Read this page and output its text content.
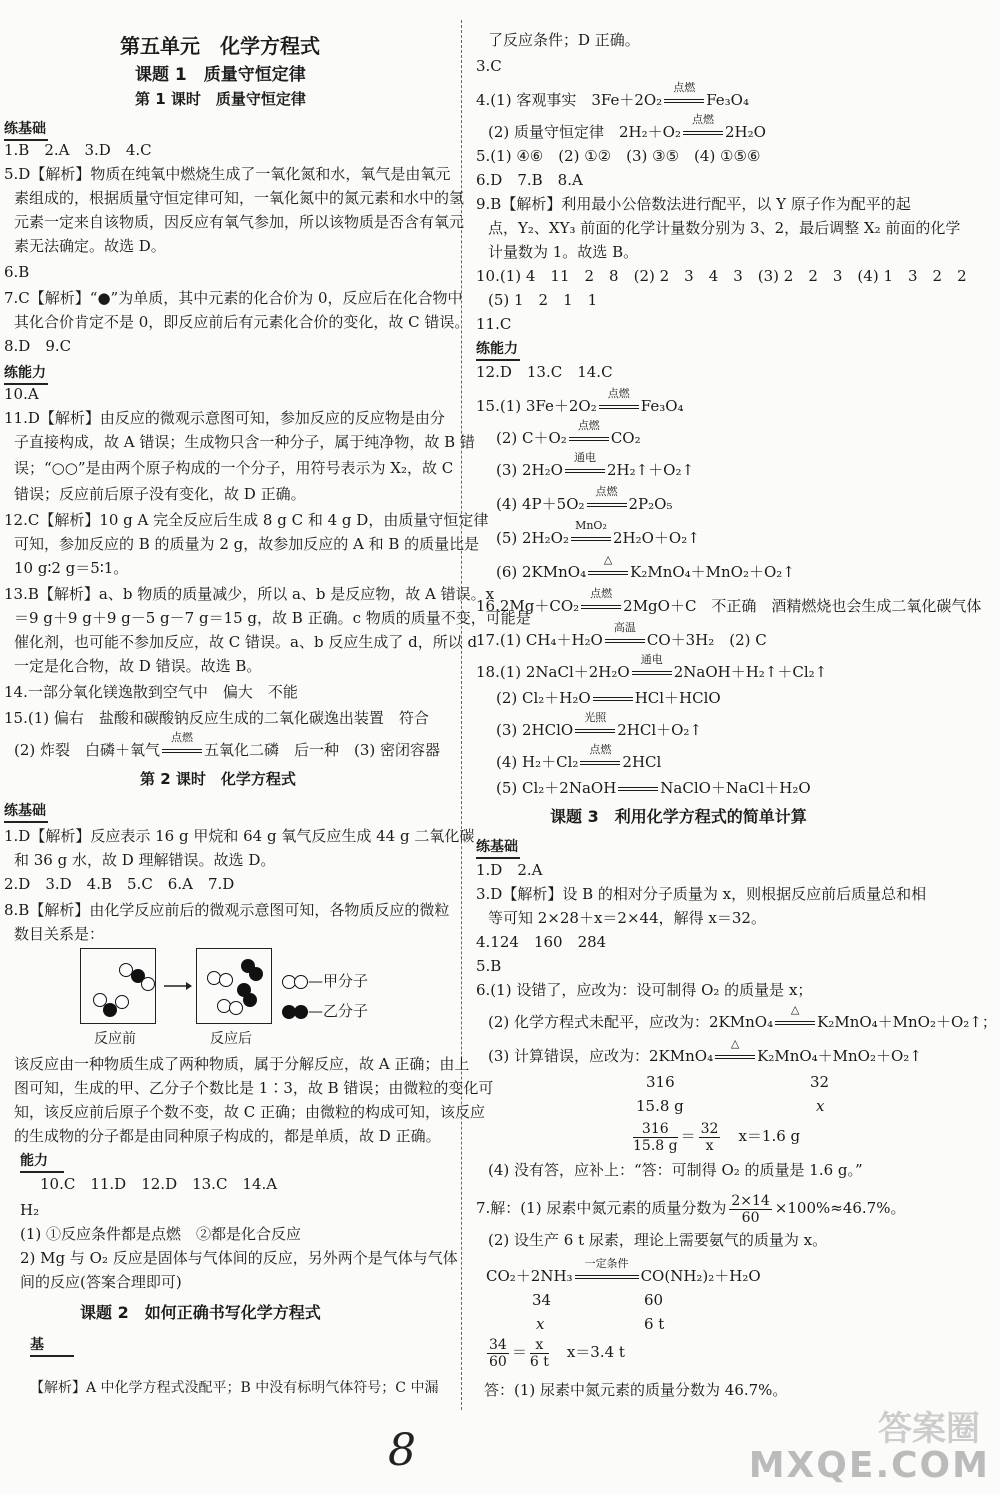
第五单元　化学方程式
课题 1　质量守恒定律
第 1 课时　质量守恒定律
练基础
1.B　2.A　3.D　4.C
5.D【解析】物质在纯氧中燃烧生成了一氧化氮和水，氧气是由氧元
素组成的，根据质量守恒定律可知，一氧化氮中的氮元素和水中的氢
元素一定来自该物质，因反应有氧气参加，所以该物质是否含有氧元
素无法确定。故选 D。
6.B
7.C【解析】“●”为单质，其中元素的化合价为 0，反应后在化合物中
其化合价肯定不是 0，即反应前后有元素化合价的变化，故 C 错误。
8.D　9.C
练能力
10.A
11.D【解析】由反应的微观示意图可知，参加反应的反应物是由分
子直接构成，故 A 错误；生成物只含一种分子，属于纯净物，故 B 错
误；“○○”是由两个原子构成的一个分子，用符号表示为 X₂，故 C
错误；反应前后原子没有变化，故 D 正确。
12.C【解析】10 g A 完全反应后生成 8 g C 和 4 g D，由质量守恒定律
可知，参加反应的 B 的质量为 2 g，故参加反应的 A 和 B 的质量比是
10 g∶2 g＝5∶1。
13.B【解析】a、b 物质的质量减少，所以 a、b 是反应物，故 A 错误。x
＝9 g＋9 g＋9 g－5 g－7 g＝15 g，故 B 正确。c 物质的质量不变，可能是
催化剂，也可能不参加反应，故 C 错误。a、b 反应生成了 d，所以 d
一定是化合物，故 D 错误。故选 B。
14.一部分氧化镁逸散到空气中　偏大　不能
15.(1) 偏右　盐酸和碳酸钠反应生成的二氧化碳逸出装置　符合
(2) 炸裂　白磷＋氧气
点燃
五氧化二磷　后一种　(3) 密闭容器
第 2 课时　化学方程式
练基础
1.D【解析】反应表示 16 g 甲烷和 64 g 氧气反应生成 44 g 二氧化碳
和 36 g 水，故 D 理解错误。故选 D。
2.D　3.D　4.B　5.C　6.A　7.D
8.B【解析】由化学反应前后的微观示意图可知，各物质反应的微粒
数目关系是：
—甲分子
—乙分子
反应前	反应后
该反应由一种物质生成了两种物质，属于分解反应，故 A 正确；由上
图可知，生成的甲、乙分子个数比是 1∶3，故 B 错误；由微粒的变化可
知，该反应前后原子个数不变，故 C 正确；由微粒的构成可知，该反应
的生成物的分子都是由同种原子构成的，都是单质，故 D 正确。
能力
10.C　11.D　12.D　13.C　14.A
H₂
(1) ①反应条件都是点燃　②都是化合反应
2) Mg 与 O₂ 反应是固体与气体间的反应，另外两个是气体与气体
间的反应(答案合理即可)
课题 2　如何正确书写化学方程式
基
【解析】A 中化学方程式没配平；B 中没有标明气体符号；C 中漏
了反应条件；D 正确。
3.C
4.(1) 客观事实　3Fe＋2O₂
点燃
Fe₃O₄
(2) 质量守恒定律　2H₂＋O₂
点燃
2H₂O
5.(1) ④⑥　(2) ①②　(3) ③⑤　(4) ①⑤⑥
6.D　7.B　8.A
9.B【解析】利用最小公倍数法进行配平，以 Y 原子作为配平的起
点，Y₂、XY₃ 前面的化学计量数分别为 3、2，最后调整 X₂ 前面的化学
计量数为 1。故选 B。
10.(1) 4　11　2　8　(2) 2　3　4　3　(3) 2　2　3　(4) 1　3　2　2
(5) 1　2　1　1
11.C
练能力
12.D　13.C　14.C
15.(1) 3Fe＋2O₂
点燃
Fe₃O₄
(2) C＋O₂
点燃
CO₂
(3) 2H₂O
通电
2H₂↑＋O₂↑
(4) 4P＋5O₂
点燃
2P₂O₅
(5) 2H₂O₂
MnO₂
2H₂O＋O₂↑
(6) 2KMnO₄
△
K₂MnO₄＋MnO₂＋O₂↑
16.2Mg＋CO₂
点燃
2MgO＋C　不正确　酒精燃烧也会生成二氧化碳气体
17.(1) CH₄＋H₂O
高温
CO＋3H₂　(2) C
18.(1) 2NaCl＋2H₂O
通电
2NaOH＋H₂↑＋Cl₂↑
(2) Cl₂＋H₂O	HCl＋HClO
(3) 2HClO
光照
2HCl＋O₂↑
(4) H₂＋Cl₂
点燃
2HCl
(5) Cl₂＋2NaOH	NaClO＋NaCl＋H₂O
课题 3　利用化学方程式的简单计算
练基础
1.D　2.A
3.D【解析】设 B 的相对分子质量为 x，则根据反应前后质量总和相
等可知 2×28＋x＝2×44，解得 x＝32。
4.124　160　284
5.B
6.(1) 设错了，应改为：设可制得 O₂ 的质量是 x；
(2) 化学方程式未配平，应改为：2KMnO₄
△
K₂MnO₄＋MnO₂＋O₂↑；
(3) 计算错误，应改为：2KMnO₄
△
K₂MnO₄＋MnO₂＋O₂↑
316	32
15.8 g	x
$\frac{316}{15.8 g} = \frac{32}{x}$
　 x＝1.6 g
(4) 没有答，应补上：“答：可制得 O₂ 的质量是 1.6 g。”
7.解：(1) 尿素中氮元素的质量分数为 $\frac{2\times 14}{60} \times 100\%\approx 46.7\%$。
(2) 设生产 6 t 尿素，理论上需要氨气的质量为 x。
CO₂＋2NH₃
一定条件
CO(NH₂)₂＋H₂O
34	60
x	6 t
$\frac{34}{60} = \frac{x}{6 t}$
　 x＝3.4 t
答：(1) 尿素中氮元素的质量分数为 46.7%。
8	答案圈
MXQE.COM
